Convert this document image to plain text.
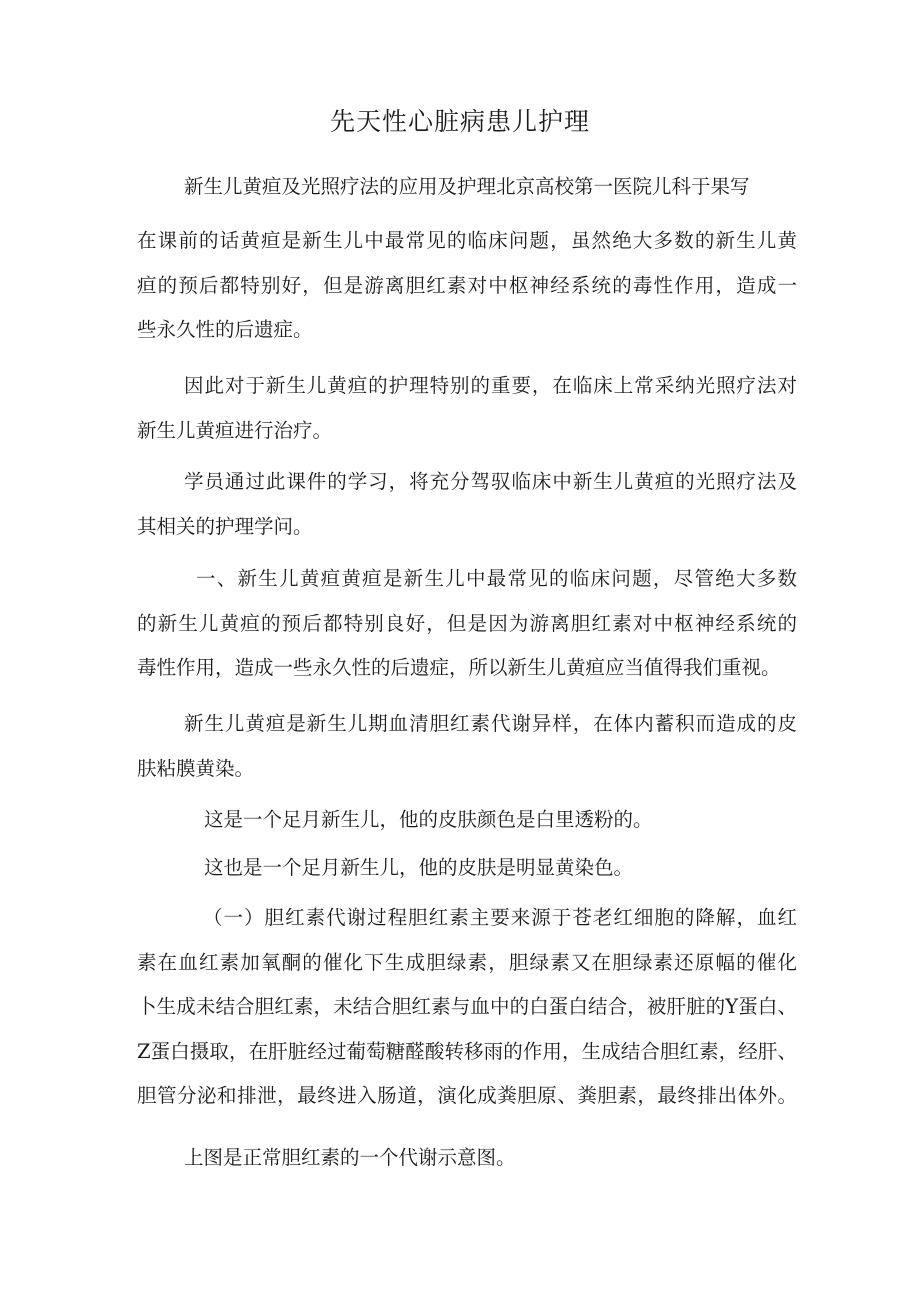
先天性心脏病患儿护理

新生儿黄疸及光照疗法的应用及护理北京高校第一医院儿科于果写

在课前的话黄疸是新生儿中最常见的临床问题，虽然绝大多数的新生儿黄
疸的预后都特别好，但是游离胆红素对中枢神经系统的毒性作用，造成一
些永久性的后遗症。

因此对于新生儿黄疸的护理特别的重要，在临床上常采纳光照疗法对
新生儿黄疸进行治疗。

学员通过此课件的学习，将充分驾驭临床中新生儿黄疸的光照疗法及
其相关的护理学问。

一、新生儿黄疸黄疸是新生儿中最常见的临床问题，尽管绝大多数
的新生儿黄疸的预后都特别良好，但是因为游离胆红素对中枢神经系统的
毒性作用，造成一些永久性的后遗症，所以新生儿黄疸应当值得我们重视。

新生儿黄疸是新生儿期血清胆红素代谢异样，在体内蓄积而造成的皮
肤粘膜黄染。

这是一个足月新生儿，他的皮肤颜色是白里透粉的。

这也是一个足月新生儿，他的皮肤是明显黄染色。

（一）胆红素代谢过程胆红素主要来源于苍老红细胞的降解，血红
素在血红素加氧酮的催化下生成胆绿素，胆绿素又在胆绿素还原幅的催化
卜生成未结合胆红素，未结合胆红素与血中的白蛋白结合，被肝脏的Y蛋白、
Z蛋白摄取，在肝脏经过葡萄糖醛酸转移雨的作用，生成结合胆红素，经肝、
胆管分泌和排泄，最终进入肠道，演化成粪胆原、粪胆素，最终排出体外。

上图是正常胆红素的一个代谢示意图。
